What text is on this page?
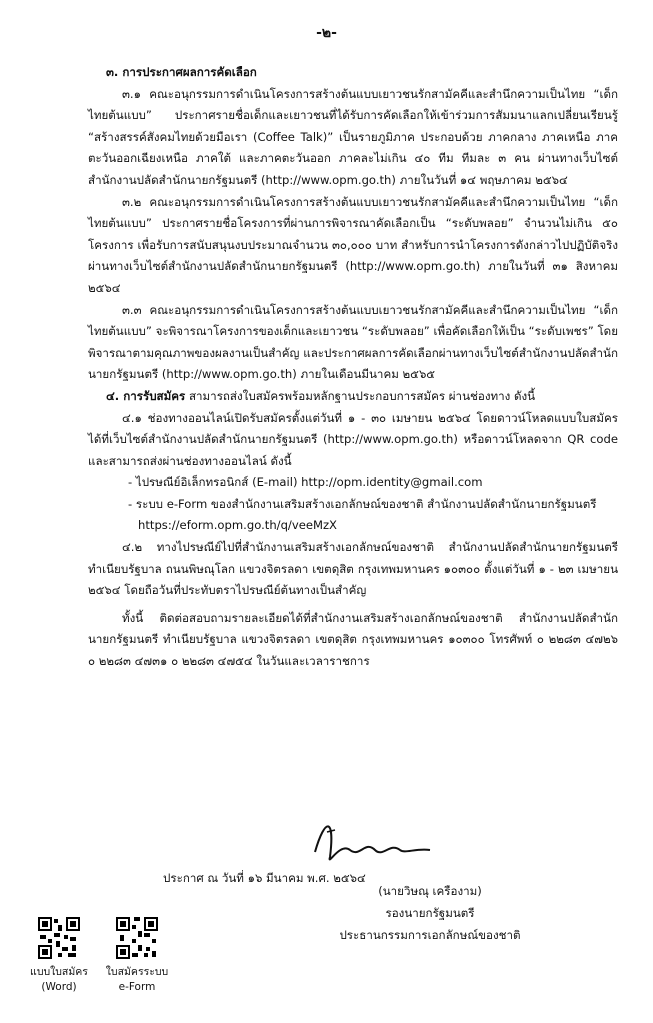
-๒-

๓. การประกาศผลการคัดเลือก

๓.๑ คณะอนุกรรมการดำเนินโครงการสร้างต้นแบบเยาวชนรักสามัคคีและสำนึกความเป็นไทย “เด็กไทยต้นแบบ” ประกาศรายชื่อเด็กและเยาวชนที่ได้รับการคัดเลือกให้เข้าร่วมการสัมมนาแลกเปลี่ยนเรียนรู้ “สร้างสรรค์สังคมไทยด้วยมือเรา (Coffee Talk)” เป็นรายภูมิภาค ประกอบด้วย ภาคกลาง ภาคเหนือ ภาคตะวันออกเฉียงเหนือ ภาคใต้ และภาคตะวันออก ภาคละไม่เกิน ๔๐ ทีม ทีมละ ๓ คน ผ่านทางเว็บไซต์สำนักงานปลัดสำนักนายกรัฐมนตรี (http://www.opm.go.th) ภายในวันที่ ๑๔ พฤษภาคม ๒๕๖๔

๓.๒ คณะอนุกรรมการดำเนินโครงการสร้างต้นแบบเยาวชนรักสามัคคีและสำนึกความเป็นไทย “เด็กไทยต้นแบบ” ประกาศรายชื่อโครงการที่ผ่านการพิจารณาคัดเลือกเป็น “ระดับพลอย” จำนวนไม่เกิน ๕๐ โครงการ เพื่อรับการสนับสนุนงบประมาณจำนวน ๓๐,๐๐๐ บาท สำหรับการนำโครงการดังกล่าวไปปฏิบัติจริง ผ่านทางเว็บไซต์สำนักงานปลัดสำนักนายกรัฐมนตรี (http://www.opm.go.th) ภายในวันที่ ๓๑ สิงหาคม ๒๕๖๔

๓.๓ คณะอนุกรรมการดำเนินโครงการสร้างต้นแบบเยาวชนรักสามัคคีและสำนึกความเป็นไทย “เด็กไทยต้นแบบ” จะพิจารณาโครงการของเด็กและเยาวชน “ระดับพลอย” เพื่อคัดเลือกให้เป็น “ระดับเพชร” โดยพิจารณาตามคุณภาพของผลงานเป็นสำคัญ และประกาศผลการคัดเลือกผ่านทางเว็บไซต์สำนักงานปลัดสำนักนายกรัฐมนตรี (http://www.opm.go.th) ภายในเดือนมีนาคม ๒๕๖๕

๔. การรับสมัคร สามารถส่งใบสมัครพร้อมหลักฐานประกอบการสมัคร ผ่านช่องทาง ดังนี้

๔.๑ ช่องทางออนไลน์เปิดรับสมัครตั้งแต่วันที่ ๑ - ๓๐ เมษายน ๒๕๖๔ โดยดาวน์โหลดแบบใบสมัครได้ที่เว็บไซต์สำนักงานปลัดสำนักนายกรัฐมนตรี (http://www.opm.go.th) หรือดาวน์โหลดจาก QR code และสามารถส่งผ่านช่องทางออนไลน์ ดังนี้

- ไปรษณีย์อิเล็กทรอนิกส์ (E-mail) http://opm.identity@gmail.com

- ระบบ e-Form ของสำนักงานเสริมสร้างเอกลักษณ์ของชาติ สำนักงานปลัดสำนักนายกรัฐมนตรี https://eform.opm.go.th/q/veeMzX

๔.๒ ทางไปรษณีย์ไปที่สำนักงานเสริมสร้างเอกลักษณ์ของชาติ สำนักงานปลัดสำนักนายกรัฐมนตรี ทำเนียบรัฐบาล ถนนพิษณุโลก แขวงจิตรลดา เขตดุสิต กรุงเทพมหานคร ๑๐๓๐๐ ตั้งแต่วันที่ ๑ - ๒๓ เมษายน ๒๕๖๔ โดยถือวันที่ประทับตราไปรษณีย์ต้นทางเป็นสำคัญ

ทั้งนี้ ติดต่อสอบถามรายละเอียดได้ที่สำนักงานเสริมสร้างเอกลักษณ์ของชาติ สำนักงานปลัดสำนักนายกรัฐมนตรี ทำเนียบรัฐบาล แขวงจิตรลดา เขตดุสิต กรุงเทพมหานคร ๑๐๓๐๐ โทรศัพท์ ๐ ๒๒๘๓ ๔๗๒๖ ๐ ๒๒๘๓ ๔๗๓๑ ๐ ๒๒๘๓ ๔๗๕๔ ในวันและเวลาราชการ

ประกาศ ณ วันที่ ๑๖ มีนาคม พ.ศ. ๒๕๖๔
(นายวิษณุ เครืองาม)
รองนายกรัฐมนตรี
ประธานกรรมการเอกลักษณ์ของชาติ
แบบใบสมัคร
(Word)
ใบสมัครระบบ
e-Form
